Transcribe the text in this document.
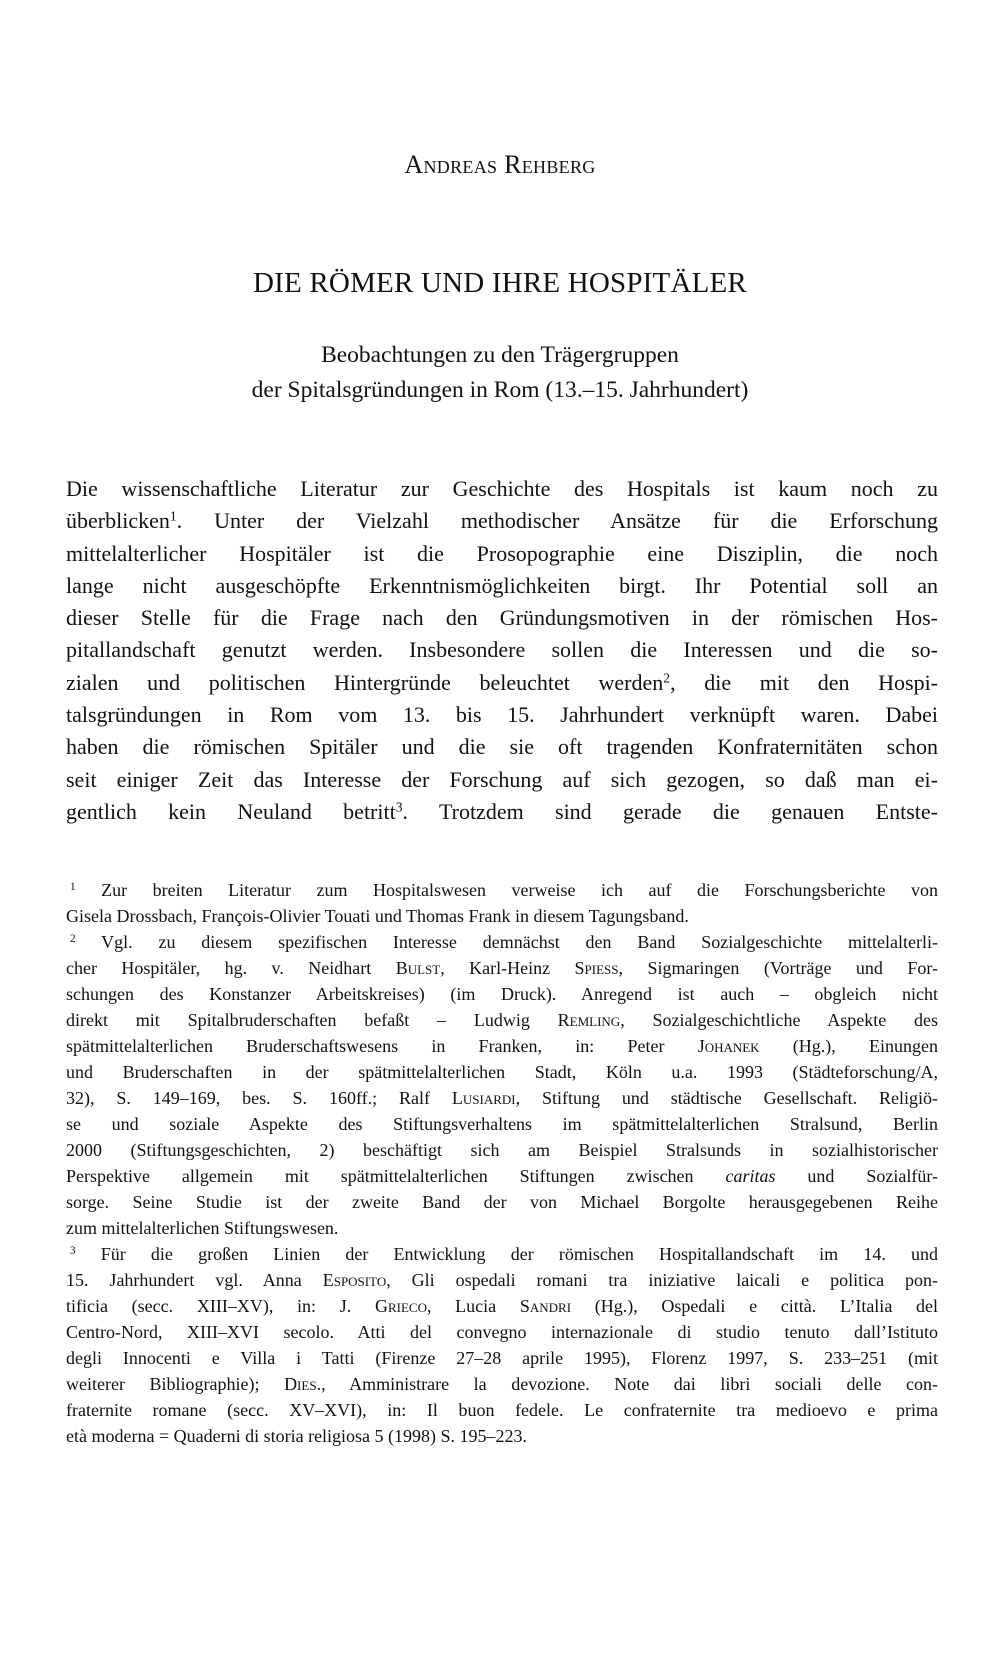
Andreas Rehberg
DIE RÖMER UND IHRE HOSPITÄLER
Beobachtungen zu den Trägergruppen
der Spitalsgründungen in Rom (13.–15. Jahrhundert)
Die wissenschaftliche Literatur zur Geschichte des Hospitals ist kaum noch zu
überblicken$^1$. Unter der Vielzahl methodischer Ansätze für die Erforschung
mittelalterlicher Hospitäler ist die Prosopographie eine Disziplin, die noch
lange nicht ausgeschöpfte Erkenntnismöglichkeiten birgt. Ihr Potential soll an
dieser Stelle für die Frage nach den Gründungsmotiven in der römischen Hos-
pitallandschaft genutzt werden. Insbesondere sollen die Interessen und die so-
zialen und politischen Hintergründe beleuchtet werden$^2$, die mit den Hospi-
talsgründungen in Rom vom 13. bis 15. Jahrhundert verknüpft waren. Dabei
haben die römischen Spitäler und die sie oft tragenden Konfraternitäten schon
seit einiger Zeit das Interesse der Forschung auf sich gezogen, so daß man ei-
gentlich kein Neuland betritt$^3$. Trotzdem sind gerade die genauen Entste-
$^1$ Zur breiten Literatur zum Hospitalswesen verweise ich auf die Forschungsberichte von
Gisela Drossbach, François-Olivier Touati und Thomas Frank in diesem Tagungsband.
$^2$ Vgl. zu diesem spezifischen Interesse demnächst den Band Sozialgeschichte mittelalterli-
cher Hospitäler, hg. v. Neidhart Bulst, Karl-Heinz Spiess, Sigmaringen (Vorträge und For-
schungen des Konstanzer Arbeitskreises) (im Druck). Anregend ist auch – obgleich nicht
direkt mit Spitalbruderschaften befaßt – Ludwig Remling, Sozialgeschichtliche Aspekte des
spätmittelalterlichen Bruderschaftswesens in Franken, in: Peter Johanek (Hg.), Einungen
und Bruderschaften in der spätmittelalterlichen Stadt, Köln u.a. 1993 (Städteforschung/A,
32), S. 149–169, bes. S. 160ff.; Ralf Lusiardi, Stiftung und städtische Gesellschaft. Religiö-
se und soziale Aspekte des Stiftungsverhaltens im spätmittelalterlichen Stralsund, Berlin
2000 (Stiftungsgeschichten, 2) beschäftigt sich am Beispiel Stralsunds in sozialhistorischer
Perspektive allgemein mit spätmittelalterlichen Stiftungen zwischen caritas und Sozialfür-
sorge. Seine Studie ist der zweite Band der von Michael Borgolte herausgegebenen Reihe
zum mittelalterlichen Stiftungswesen.
$^3$ Für die großen Linien der Entwicklung der römischen Hospitallandschaft im 14. und
15. Jahrhundert vgl. Anna Esposito, Gli ospedali romani tra iniziative laicali e politica pon-
tificia (secc. XIII–XV), in: J. Grieco, Lucia Sandri (Hg.), Ospedali e città. L’Italia del
Centro-Nord, XIII–XVI secolo. Atti del convegno internazionale di studio tenuto dall’Istituto
degli Innocenti e Villa i Tatti (Firenze 27–28 aprile 1995), Florenz 1997, S. 233–251 (mit
weiterer Bibliographie); Dies., Amministrare la devozione. Note dai libri sociali delle con-
fraternite romane (secc. XV–XVI), in: Il buon fedele. Le confraternite tra medioevo e prima
età moderna = Quaderni di storia religiosa 5 (1998) S. 195–223.
